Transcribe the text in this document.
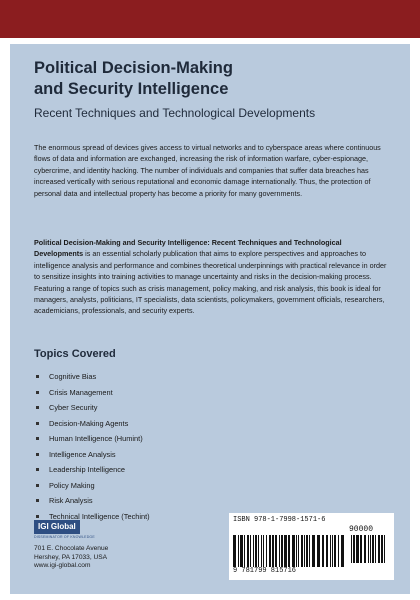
Political Decision-Making
and Security Intelligence
Recent Techniques and Technological Developments

The enormous spread of devices gives access to virtual networks and to cyberspace areas where continuous flows of data and information are exchanged, increasing the risk of information warfare, cyber-espionage, cybercrime, and identity hacking. The number of individuals and companies that suffer data breaches has increased vertically with serious reputational and economic damage internationally. Thus, the protection of personal data and intellectual property has become a priority for many governments.

Political Decision-Making and Security Intelligence: Recent Techniques and Technological Developments is an essential scholarly publication that aims to explore perspectives and approaches to intelligence analysis and performance and combines theoretical underpinnings with practical relevance in order to sensitize insights into training activities to manage uncertainty and risks in the decision-making process. Featuring a range of topics such as crisis management, policy making, and risk analysis, this book is ideal for managers, analysts, politicians, IT specialists, data scientists, policymakers, government officials, researchers, academicians, professionals, and security experts.

Topics Covered
Cognitive Bias
Crisis Management
Cyber Security
Decision-Making Agents
Human Intelligence (Humint)
Intelligence Analysis
Leadership Intelligence
Policy Making
Risk Analysis
Technical Intelligence (Techint)
IGI Global
DISSEMINATOR OF KNOWLEDGE
701 E. Chocolate Avenue
Hershey, PA 17033, USA
www.igi-global.com
ISBN 978-1-7998-1571-6
90000
9 781799 815716
